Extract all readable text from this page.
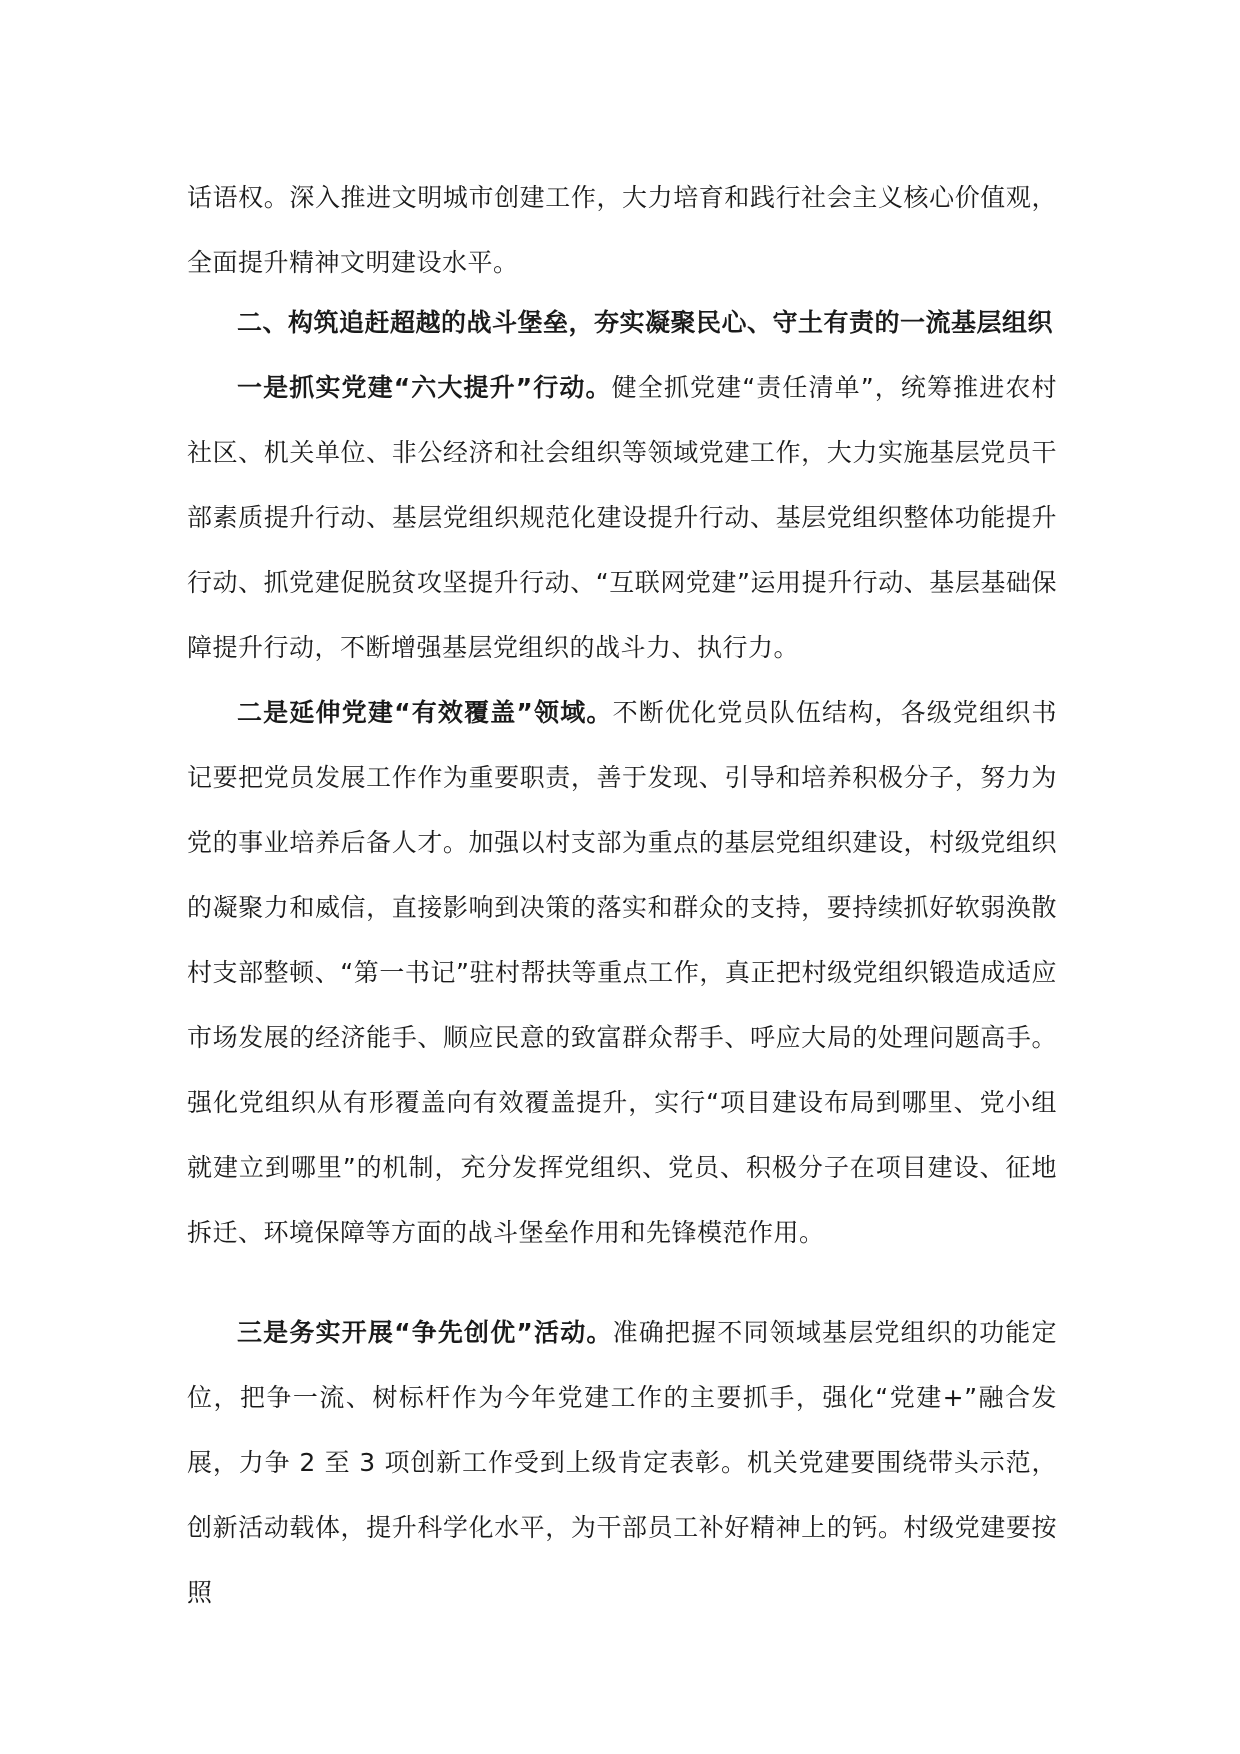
话语权。深入推进文明城市创建工作，大力培育和践行社会主义核心价值观，全面提升精神文明建设水平。

二、构筑追赶超越的战斗堡垒，夯实凝聚民心、守土有责的一流基层组织

一是抓实党建“六大提升”行动。健全抓党建“责任清单”，统筹推进农村社区、机关单位、非公经济和社会组织等领域党建工作，大力实施基层党员干部素质提升行动、基层党组织规范化建设提升行动、基层党组织整体功能提升行动、抓党建促脱贫攻坚提升行动、“互联网党建”运用提升行动、基层基础保障提升行动，不断增强基层党组织的战斗力、执行力。

二是延伸党建“有效覆盖”领域。不断优化党员队伍结构，各级党组织书记要把党员发展工作作为重要职责，善于发现、引导和培养积极分子，努力为党的事业培养后备人才。加强以村支部为重点的基层党组织建设，村级党组织的凝聚力和威信，直接影响到决策的落实和群众的支持，要持续抓好软弱涣散村支部整顿、“第一书记”驻村帮扶等重点工作，真正把村级党组织锻造成适应市场发展的经济能手、顺应民意的致富群众帮手、呼应大局的处理问题高手。强化党组织从有形覆盖向有效覆盖提升，实行“项目建设布局到哪里、党小组就建立到哪里”的机制，充分发挥党组织、党员、积极分子在项目建设、征地拆迁、环境保障等方面的战斗堡垒作用和先锋模范作用。

三是务实开展“争先创优”活动。准确把握不同领域基层党组织的功能定位，把争一流、树标杆作为今年党建工作的主要抓手，强化“党建+”融合发展，力争 2 至 3 项创新工作受到上级肯定表彰。机关党建要围绕带头示范，创新活动载体，提升科学化水平，为干部员工补好精神上的钙。村级党建要按照
